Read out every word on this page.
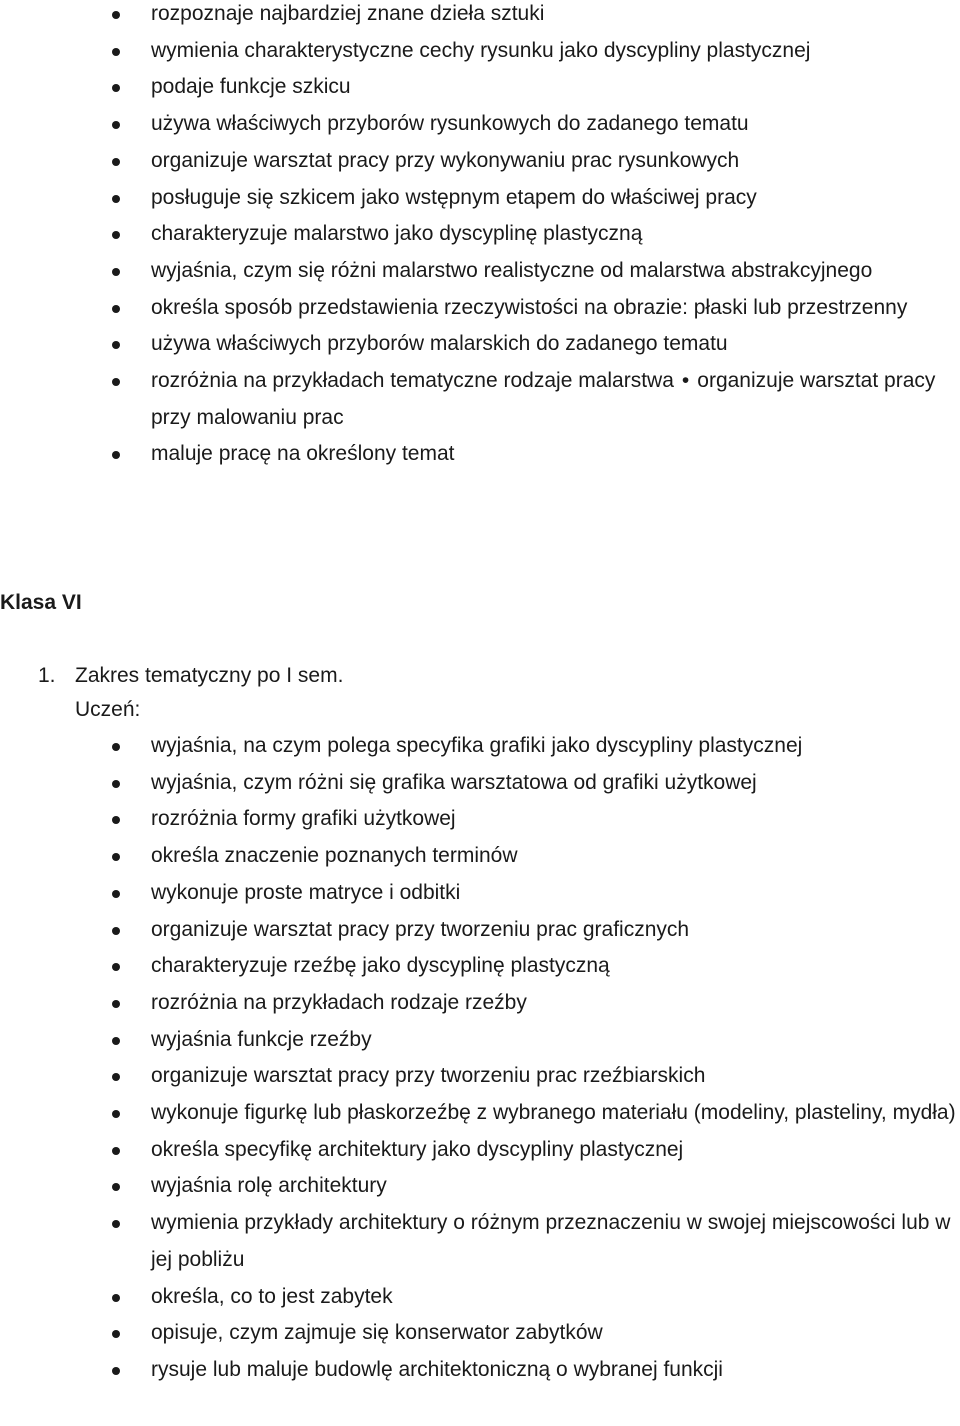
rozpoznaje najbardziej znane dzieła sztuki
wymienia charakterystyczne cechy rysunku jako dyscypliny plastycznej
podaje funkcje szkicu
używa właściwych przyborów rysunkowych do zadanego tematu
organizuje warsztat pracy przy wykonywaniu prac rysunkowych
posługuje się szkicem jako wstępnym etapem do właściwej pracy
charakteryzuje malarstwo jako dyscyplinę plastyczną
wyjaśnia, czym się różni malarstwo realistyczne od malarstwa abstrakcyjnego
określa sposób przedstawienia rzeczywistości na obrazie: płaski lub przestrzenny
używa właściwych przyborów malarskich do zadanego tematu
rozróżnia na przykładach tematyczne rodzaje malarstwa • organizuje warsztat pracy przy malowaniu prac
maluje pracę na określony temat
Klasa VI
1. Zakres tematyczny po I sem.
Uczeń:
wyjaśnia, na czym polega specyfika grafiki jako dyscypliny plastycznej
wyjaśnia, czym różni się grafika warsztatowa od grafiki użytkowej
rozróżnia formy grafiki użytkowej
określa znaczenie poznanych terminów
wykonuje proste matryce i odbitki
organizuje warsztat pracy przy tworzeniu prac graficznych
charakteryzuje rzeźbę jako dyscyplinę plastyczną
rozróżnia na przykładach rodzaje rzeźby
wyjaśnia funkcje rzeźby
organizuje warsztat pracy przy tworzeniu prac rzeźbiarskich
wykonuje figurkę lub płaskorzeźbę z wybranego materiału (modeliny, plasteliny, mydła)
określa specyfikę architektury jako dyscypliny plastycznej
wyjaśnia rolę architektury
wymienia przykłady architektury o różnym przeznaczeniu w swojej miejscowości lub w jej pobliżu
określa, co to jest zabytek
opisuje, czym zajmuje się konserwator zabytków
rysuje lub maluje budowlę architektoniczną o wybranej funkcji
